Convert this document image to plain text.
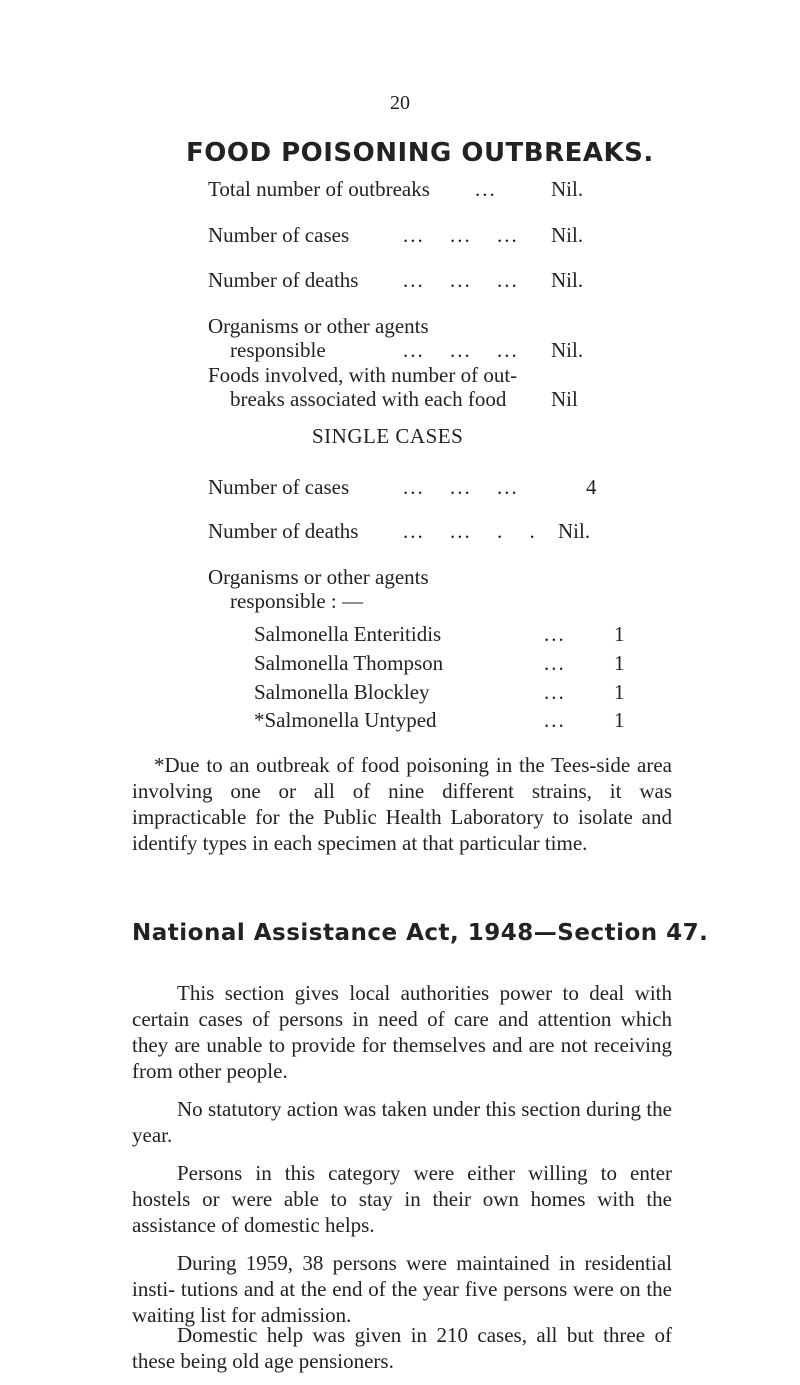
20
FOOD POISONING OUTBREAKS.
Total number of outbreaks ...	Nil.
Number of cases	... ... ... Nil.
Number of deaths ... ... ... Nil.
Organisms or other agents
responsible	... ... ... Nil.
Foods involved, with number of out-
breaks associated with each food Nil
SINGLE CASES
Number of cases	... ... ...	4
Number of deaths ... ... . . Nil.
Organisms or other agents
responsible : —
Salmonella Enteritidis	... 1
Salmonella Thompson	... 1
Salmonella Blockley	... 1
*Salmonella Untyped	... 1
*Due to an outbreak of food poisoning in the Tees-side area involving one or all of nine different strains, it was impracticable for the Public Health Laboratory to isolate and identify types in each specimen at that particular time.
National Assistance Act, 1948—Section 47.

This section gives local authorities power to deal with certain cases of persons in need of care and attention which they are unable to provide for themselves and are not receiving from other people.

No statutory action was taken under this section during the year.

Persons in this category were either willing to enter hostels or were able to stay in their own homes with the assistance of domestic helps.

During 1959, 38 persons were maintained in residential insti- tutions and at the end of the year five persons were on the waiting list for admission.

Domestic help was given in 210 cases, all but three of these being old age pensioners.
